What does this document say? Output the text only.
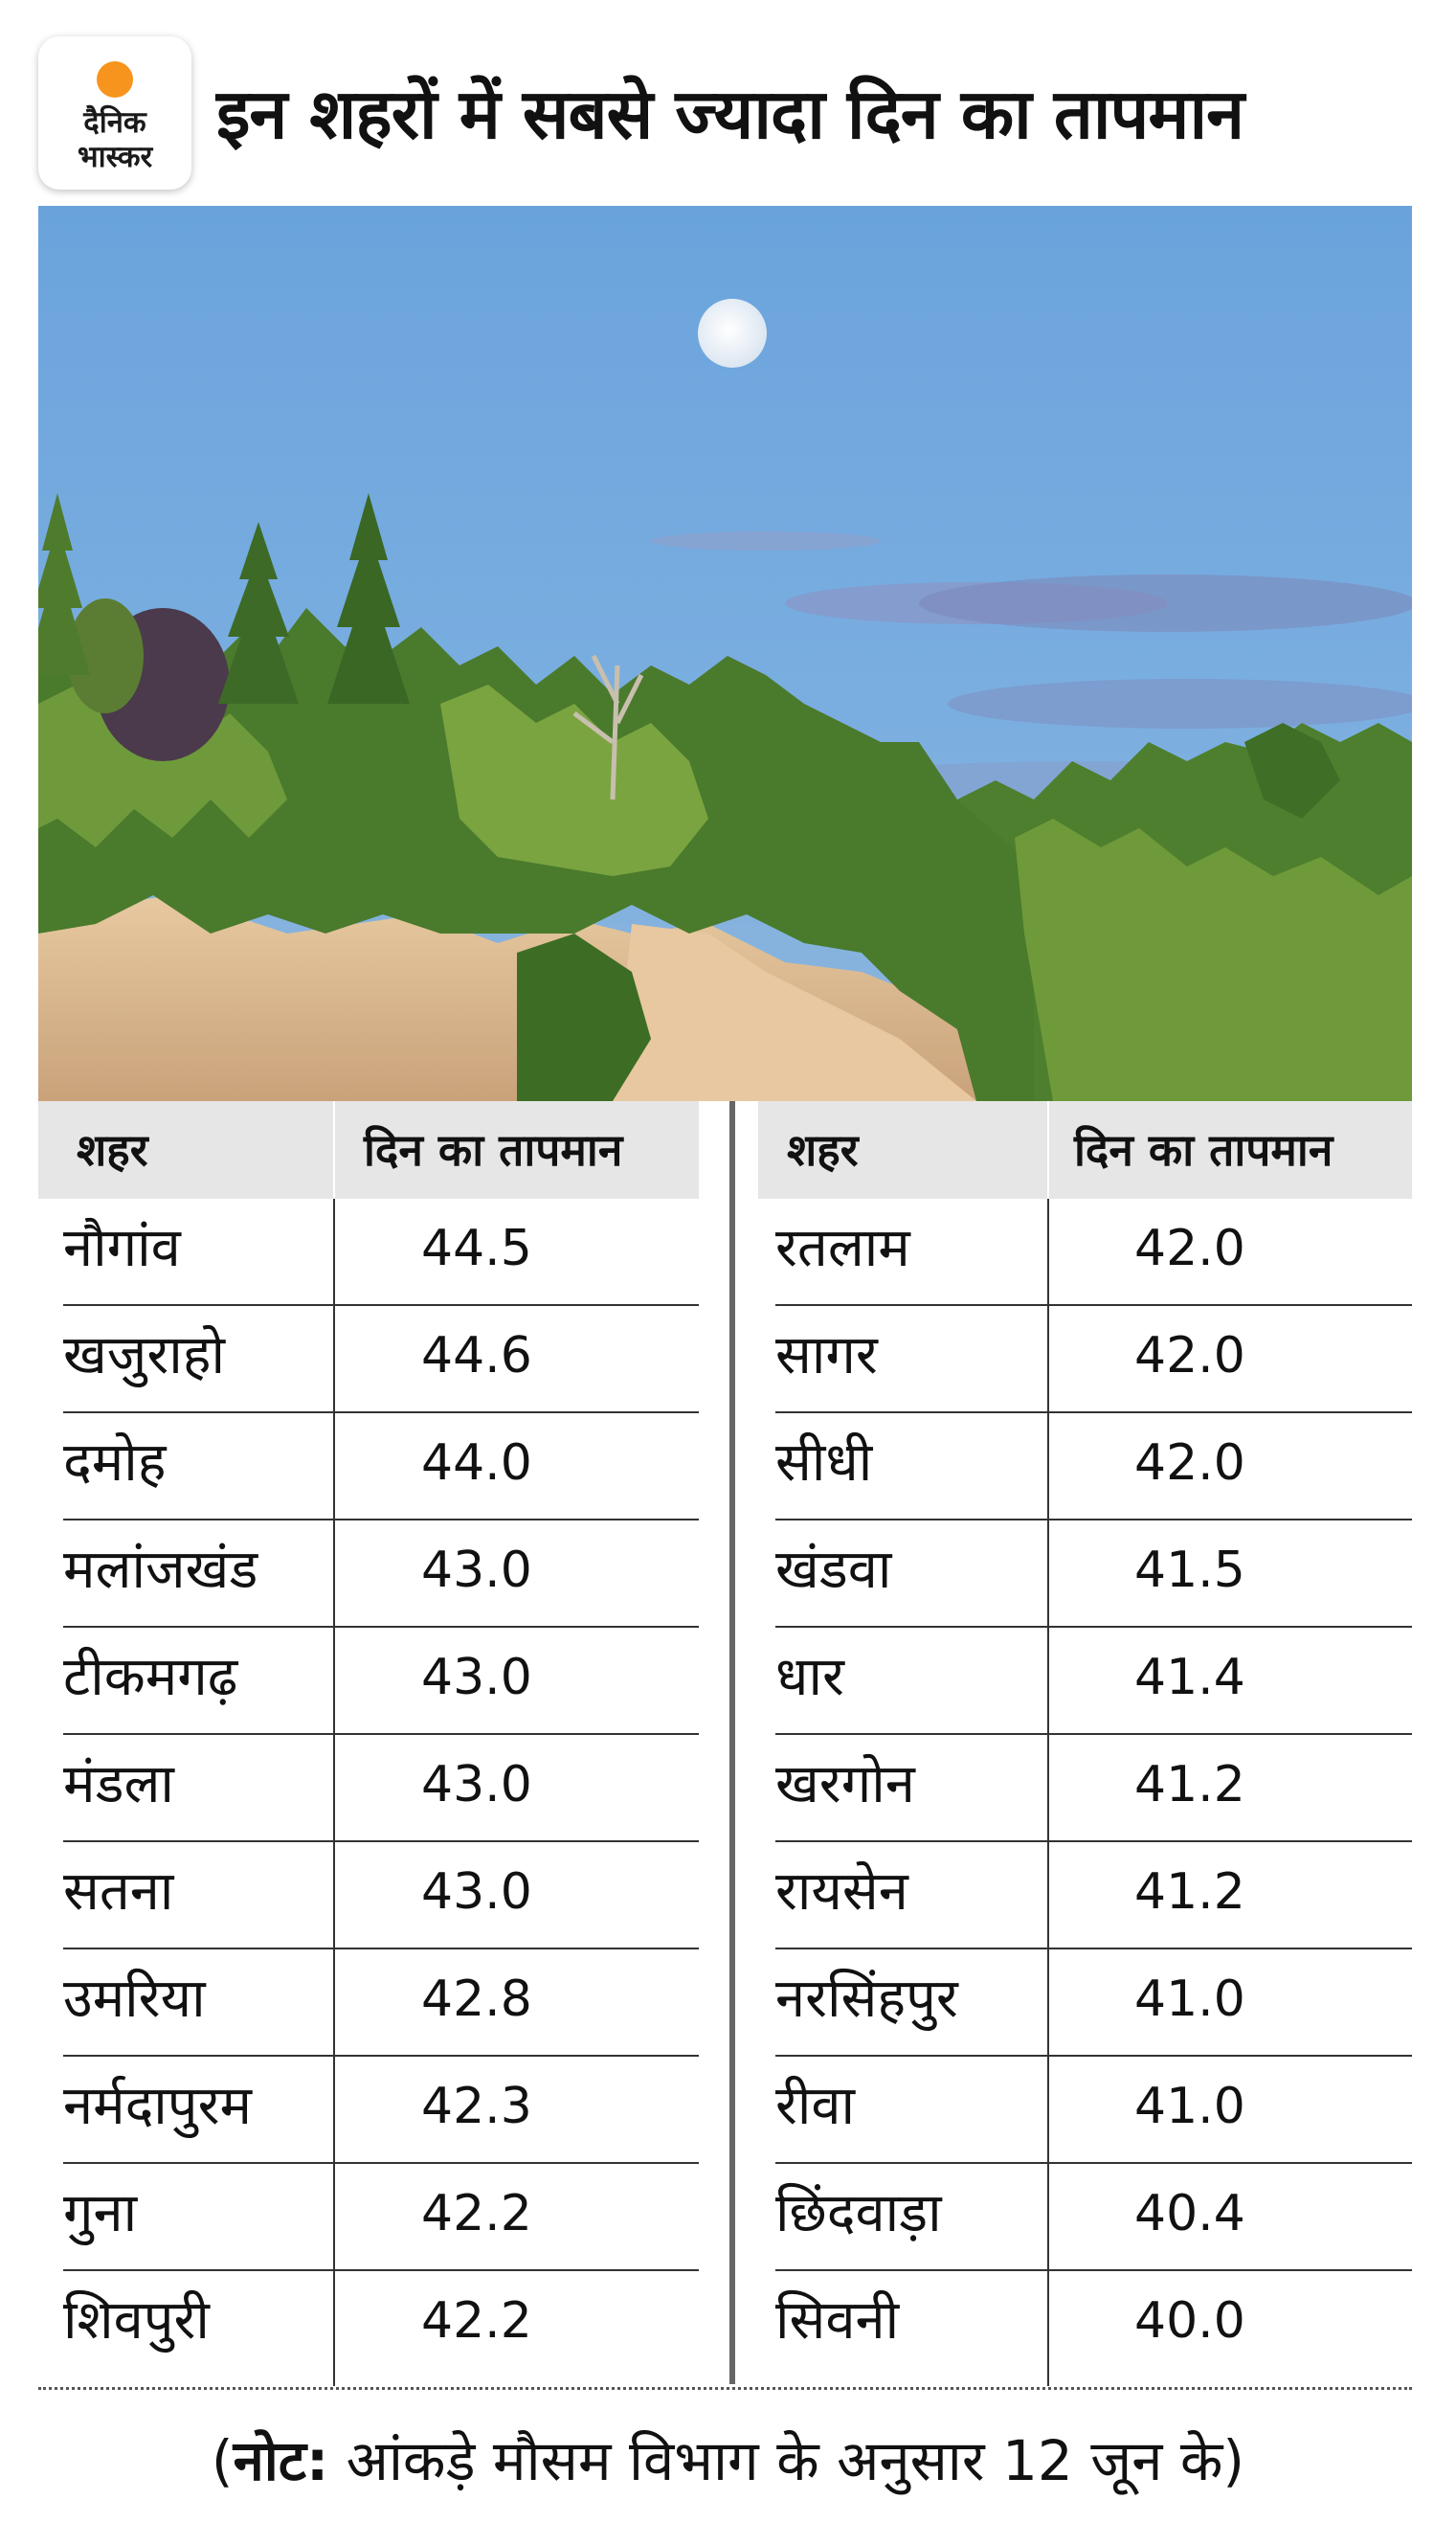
दैनिक
भास्कर
इन शहरों में सबसे ज्यादा दिन का तापमान
शहर	दिन का तापमान
नौगांव	44.5
खजुराहो	44.6
दमोह	44.0
मलांजखंड	43.0
टीकमगढ़	43.0
मंडला	43.0
सतना	43.0
उमरिया	42.8
नर्मदापुरम	42.3
गुना	42.2
शिवपुरी	42.2
शहर	दिन का तापमान
रतलाम	42.0
सागर	42.0
सीधी	42.0
खंडवा	41.5
धार	41.4
खरगोन	41.2
रायसेन	41.2
नरसिंहपुर	41.0
रीवा	41.0
छिंदवाड़ा	40.4
सिवनी	40.0
(नोट: आंकड़े मौसम विभाग के अनुसार 12 जून के)
